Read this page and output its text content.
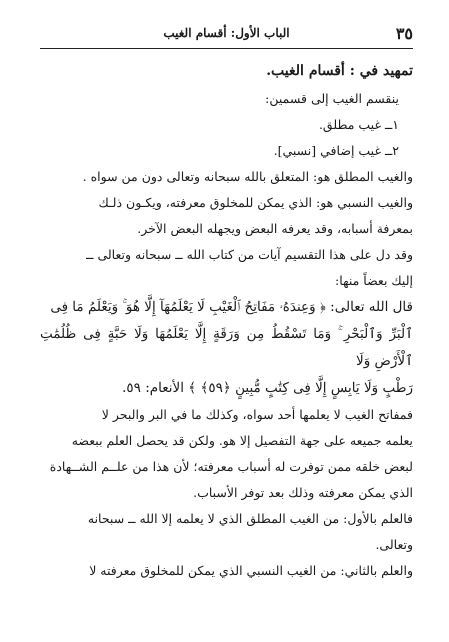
٣٥
الباب الأول: أقسام الغيب

تمهيد في : أقسام الغيب.

ينقسم الغيب إلى قسمين:

١ــ غيب مطلق.

٢ــ غيب إضافي [نسبي].

والغيب المطلق هو: المتعلق بالله سبحانه وتعالى دون من سواه .

والغيب النسبي هو: الذي يمكن للمخلوق معرفته، ويكـون ذلـك

بمعرفة أسبابه، وقد يعرفه البعض ويجهله البعض الآخر.

وقد دل على هذا التقسيم آيات من كتاب الله ــ سبحانه وتعالى ــ

إليك بعضاً منها:

قال الله تعالى: ﴿ وَعِندَهُۥ مَفَاتِحُ ٱلْغَيْبِ لَا يَعْلَمُهَآ إِلَّا هُوَ ۚ وَيَعْلَمُ مَا فِى

ٱلْبَرِّ وَٱلْبَحْرِ ۚ وَمَا تَسْقُطُ مِن وَرَقَةٍ إِلَّا يَعْلَمُهَا وَلَا حَبَّةٍ فِى ظُلُمَٰتِ ٱلْأَرْضِ وَلَا

رَطْبٍ وَلَا يَابِسٍ إِلَّا فِى كِتَٰبٍ مُّبِينٍ ﴿٥٩﴾ ﴾ الأنعام: ٥٩.

فمفاتح الغيب لا يعلمها أحد سواه، وكذلك ما في البر والبحر لا

يعلمه جميعه على جهة التفصيل إلا هو. ولكن قد يحصل العلم ببعضه

لبعض خلقه ممن توفرت له أسباب معرفته؛ لأن هذا من علــم الشــهادة

الذي يمكن معرفته وذلك بعد توفر الأسباب.

فالعلم بالأول: من الغيب المطلق الذي لا يعلمه إلا الله ــ سبحانه

وتعالى.

والعلم بالثاني: من الغيب النسبي الذي يمكن للمخلوق معرفته لا
